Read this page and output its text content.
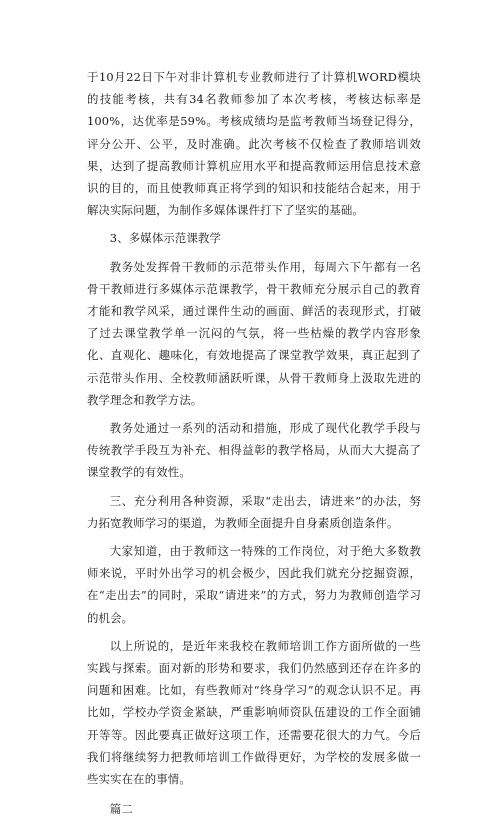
于10月22日下午对非计算机专业教师进行了计算机WORD模块的技能考核，共有34名教师参加了本次考核，考核达标率是100%，达优率是59%。考核成绩均是监考教师当场登记得分，评分公开、公平，及时准确。此次考核不仅检查了教师培训效果，达到了提高教师计算机应用水平和提高教师运用信息技术意识的目的，而且使教师真正将学到的知识和技能结合起来，用于解决实际问题，为制作多媒体课件打下了坚实的基础。

3、多媒体示范课教学

教务处发挥骨干教师的示范带头作用，每周六下午都有一名骨干教师进行多媒体示范课教学，骨干教师充分展示自己的教育才能和教学风采，通过课件生动的画面、鲜活的表现形式，打破了过去课堂教学单一沉闷的气氛，将一些枯燥的教学内容形象化、直观化、趣味化，有效地提高了课堂教学效果，真正起到了示范带头作用、全校教师涵跃听课，从骨干教师身上汲取先进的教学理念和教学方法。

教务处通过一系列的活动和措施，形成了现代化教学手段与传统教学手段互为补充、相得益彰的教学格局，从而大大提高了课堂教学的有效性。

三、充分利用各种资源，采取“走出去，请进来”的办法，努力拓宽教师学习的渠道，为教师全面提升自身素质创造条件。

大家知道，由于教师这一特殊的工作岗位，对于绝大多数教师来说，平时外出学习的机会极少，因此我们就充分挖掘资源，在“走出去”的同时，采取“请进来”的方式，努力为教师创造学习的机会。

以上所说的，是近年来我校在教师培训工作方面所做的一些实践与探索。面对新的形势和要求，我们仍然感到还存在许多的问题和困难。比如，有些教师对“终身学习”的观念认识不足。再比如，学校办学资金紧缺，严重影响师资队伍建设的工作全面铺开等等。因此要真正做好这项工作，还需要花很大的力气。今后我们将继续努力把教师培训工作做得更好，为学校的发展多做一些实实在在的事情。

篇二
